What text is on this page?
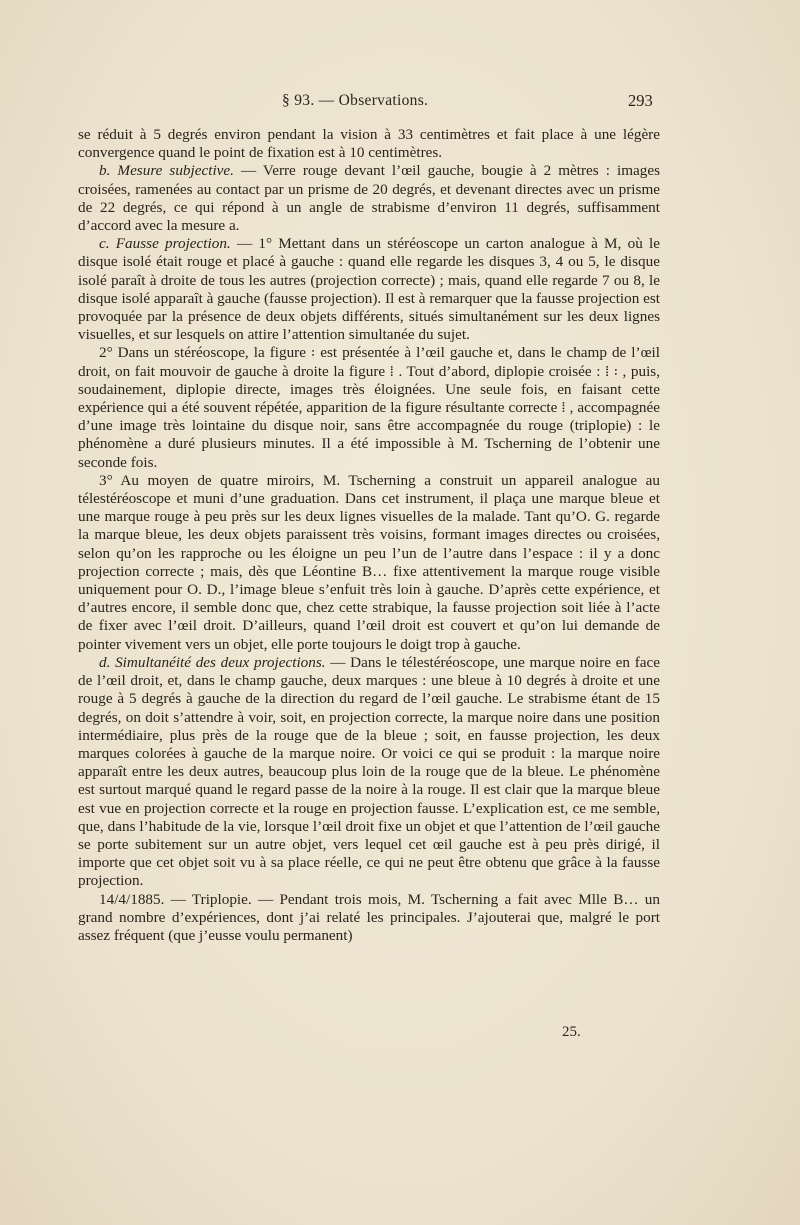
§ 93. — Observations.	293

se réduit à 5 degrés environ pendant la vision à 33 centimètres et fait place à une légère convergence quand le point de fixation est à 10 centimètres.

b. Mesure subjective. — Verre rouge devant l’œil gauche, bougie à 2 mètres : images croisées, ramenées au contact par un prisme de 20 degrés, et devenant directes avec un prisme de 22 degrés, ce qui répond à un angle de strabisme d’environ 11 degrés, suffisamment d’accord avec la mesure a.

c. Fausse projection. — 1° Mettant dans un stéréoscope un carton analogue à M, où le disque isolé était rouge et placé à gauche : quand elle regarde les disques 3, 4 ou 5, le disque isolé paraît à droite de tous les autres (projection correcte) ; mais, quand elle regarde 7 ou 8, le disque isolé apparaît à gauche (fausse projection). Il est à remarquer que la fausse projection est provoquée par la présence de deux objets différents, situés simultanément sur les deux lignes visuelles, et sur lesquels on attire l’attention simultanée du sujet.

2° Dans un stéréoscope, la figure ꞉ est présentée à l’œil gauche et, dans le champ de l’œil droit, on fait mouvoir de gauche à droite la figure ⁞ . Tout d’abord, diplopie croisée : ⁞ ꞉ , puis, soudainement, diplopie directe, images très éloignées. Une seule fois, en faisant cette expérience qui a été souvent répétée, apparition de la figure résultante correcte ⁞ , accompagnée d’une image très lointaine du disque noir, sans être accompagnée du rouge (triplopie) : le phénomène a duré plusieurs minutes. Il a été impossible à M. Tscherning de l’obtenir une seconde fois.

3° Au moyen de quatre miroirs, M. Tscherning a construit un appareil analogue au télestéréoscope et muni d’une graduation. Dans cet instrument, il plaça une marque bleue et une marque rouge à peu près sur les deux lignes visuelles de la malade. Tant qu’O. G. regarde la marque bleue, les deux objets paraissent très voisins, formant images directes ou croisées, selon qu’on les rapproche ou les éloigne un peu l’un de l’autre dans l’espace : il y a donc projection correcte ; mais, dès que Léontine B… fixe attentivement la marque rouge visible uniquement pour O. D., l’image bleue s’enfuit très loin à gauche. D’après cette expérience, et d’autres encore, il semble donc que, chez cette strabique, la fausse projection soit liée à l’acte de fixer avec l’œil droit. D’ailleurs, quand l’œil droit est couvert et qu’on lui demande de pointer vivement vers un objet, elle porte toujours le doigt trop à gauche.

d. Simultanéité des deux projections. — Dans le télestéréoscope, une marque noire en face de l’œil droit, et, dans le champ gauche, deux marques : une bleue à 10 degrés à droite et une rouge à 5 degrés à gauche de la direction du regard de l’œil gauche. Le strabisme étant de 15 degrés, on doit s’attendre à voir, soit, en projection correcte, la marque noire dans une position intermédiaire, plus près de la rouge que de la bleue ; soit, en fausse projection, les deux marques colorées à gauche de la marque noire. Or voici ce qui se produit : la marque noire apparaît entre les deux autres, beaucoup plus loin de la rouge que de la bleue. Le phénomène est surtout marqué quand le regard passe de la noire à la rouge. Il est clair que la marque bleue est vue en projection correcte et la rouge en projection fausse. L’explication est, ce me semble, que, dans l’habitude de la vie, lorsque l’œil droit fixe un objet et que l’attention de l’œil gauche se porte subitement sur un autre objet, vers lequel cet œil gauche est à peu près dirigé, il importe que cet objet soit vu à sa place réelle, ce qui ne peut être obtenu que grâce à la fausse projection.

14/4/1885. — Triplopie. — Pendant trois mois, M. Tscherning a fait avec Mlle B… un grand nombre d’expériences, dont j’ai relaté les principales. J’ajouterai que, malgré le port assez fréquent (que j’eusse voulu permanent)

25.
